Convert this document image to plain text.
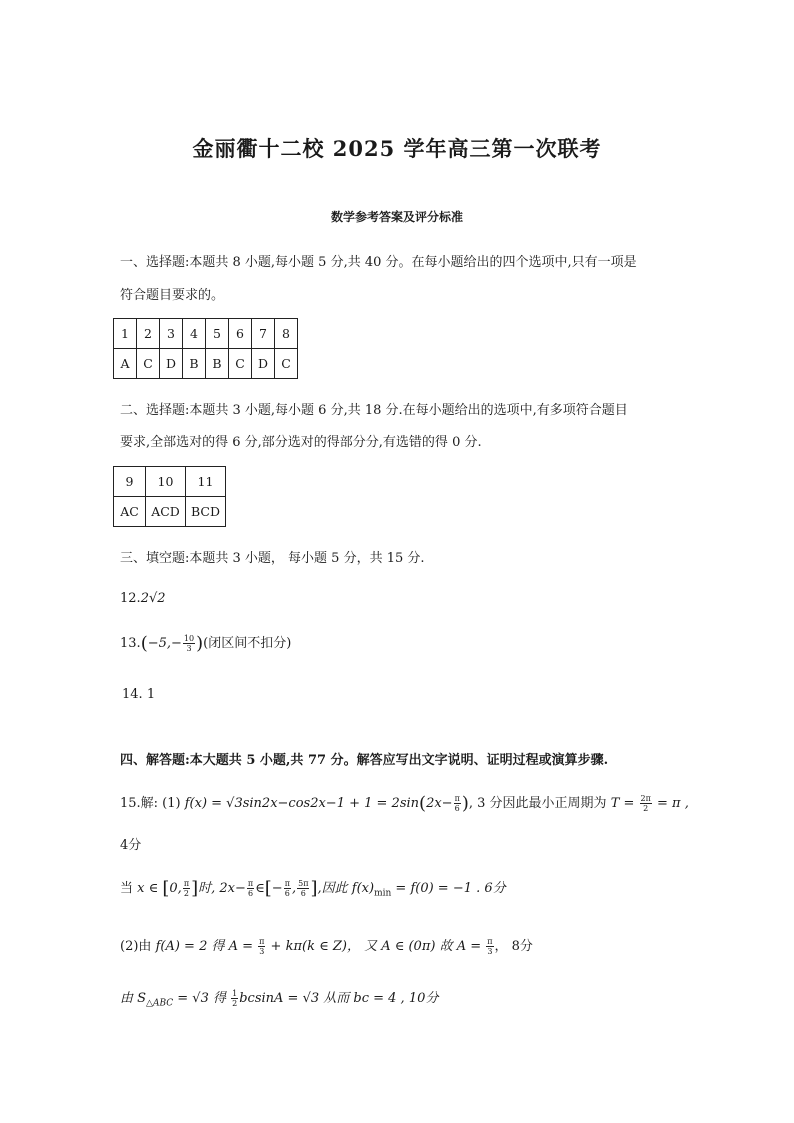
金丽衢十二校 2025 学年高三第一次联考
数学参考答案及评分标准
一、选择题:本题共 8 小题,每小题 5 分,共 40 分。在每小题给出的四个选项中,只有一项是
符合题目要求的。
1	2	3	4	5	6	7	8
A	C	D	B	B	C	D	C
二、选择题:本题共 3 小题,每小题 6 分,共 18 分.在每小题给出的选项中,有多项符合题目
要求,全部选对的得 6 分,部分选对的得部分分,有选错的得 0 分.
9	10	11
AC	ACD	BCD
三、填空题:本题共 3 小题， 每小题 5 分，共 15 分.
12.2√2
$13.(-5,- \frac{10}{3}$ )(闭区间不扣分)
14. 1
四、解答题:本大题共 5 小题,共 77 分。解答应写出文字说明、证明过程或演算步骤.
15.解: (1) $f(x) = √3\sin 2x-\cos 2x-1 + 1 = 2\sin(2x- \frac{\pi}{6}$ ), 3 分因此最小正周期为 $T = \frac{2\pi}{2} = \pi$ ,
4分
当 x ∈ [0, $\frac{\pi}{2}$ ]时, $2x- \frac{\pi}{6}$ ∈[− $\frac{\pi}{6}$ , $\frac{5\pi}{6}$ ],因此 $f(x)_{min} = f(0) = -1$ . 6分
(2)由 f(A) = 2 得 $A = \frac{\pi}{3} + k\pi(k$ ∈ Z)， 又 A ∈ (0π) 故 $A = \frac{\pi}{3}$ ， 8分
由 $S_{\triangle ABC} = √3$ 得 $\frac{1}{2}$ bcsinA = √3 从而 bc = 4 , 10分
